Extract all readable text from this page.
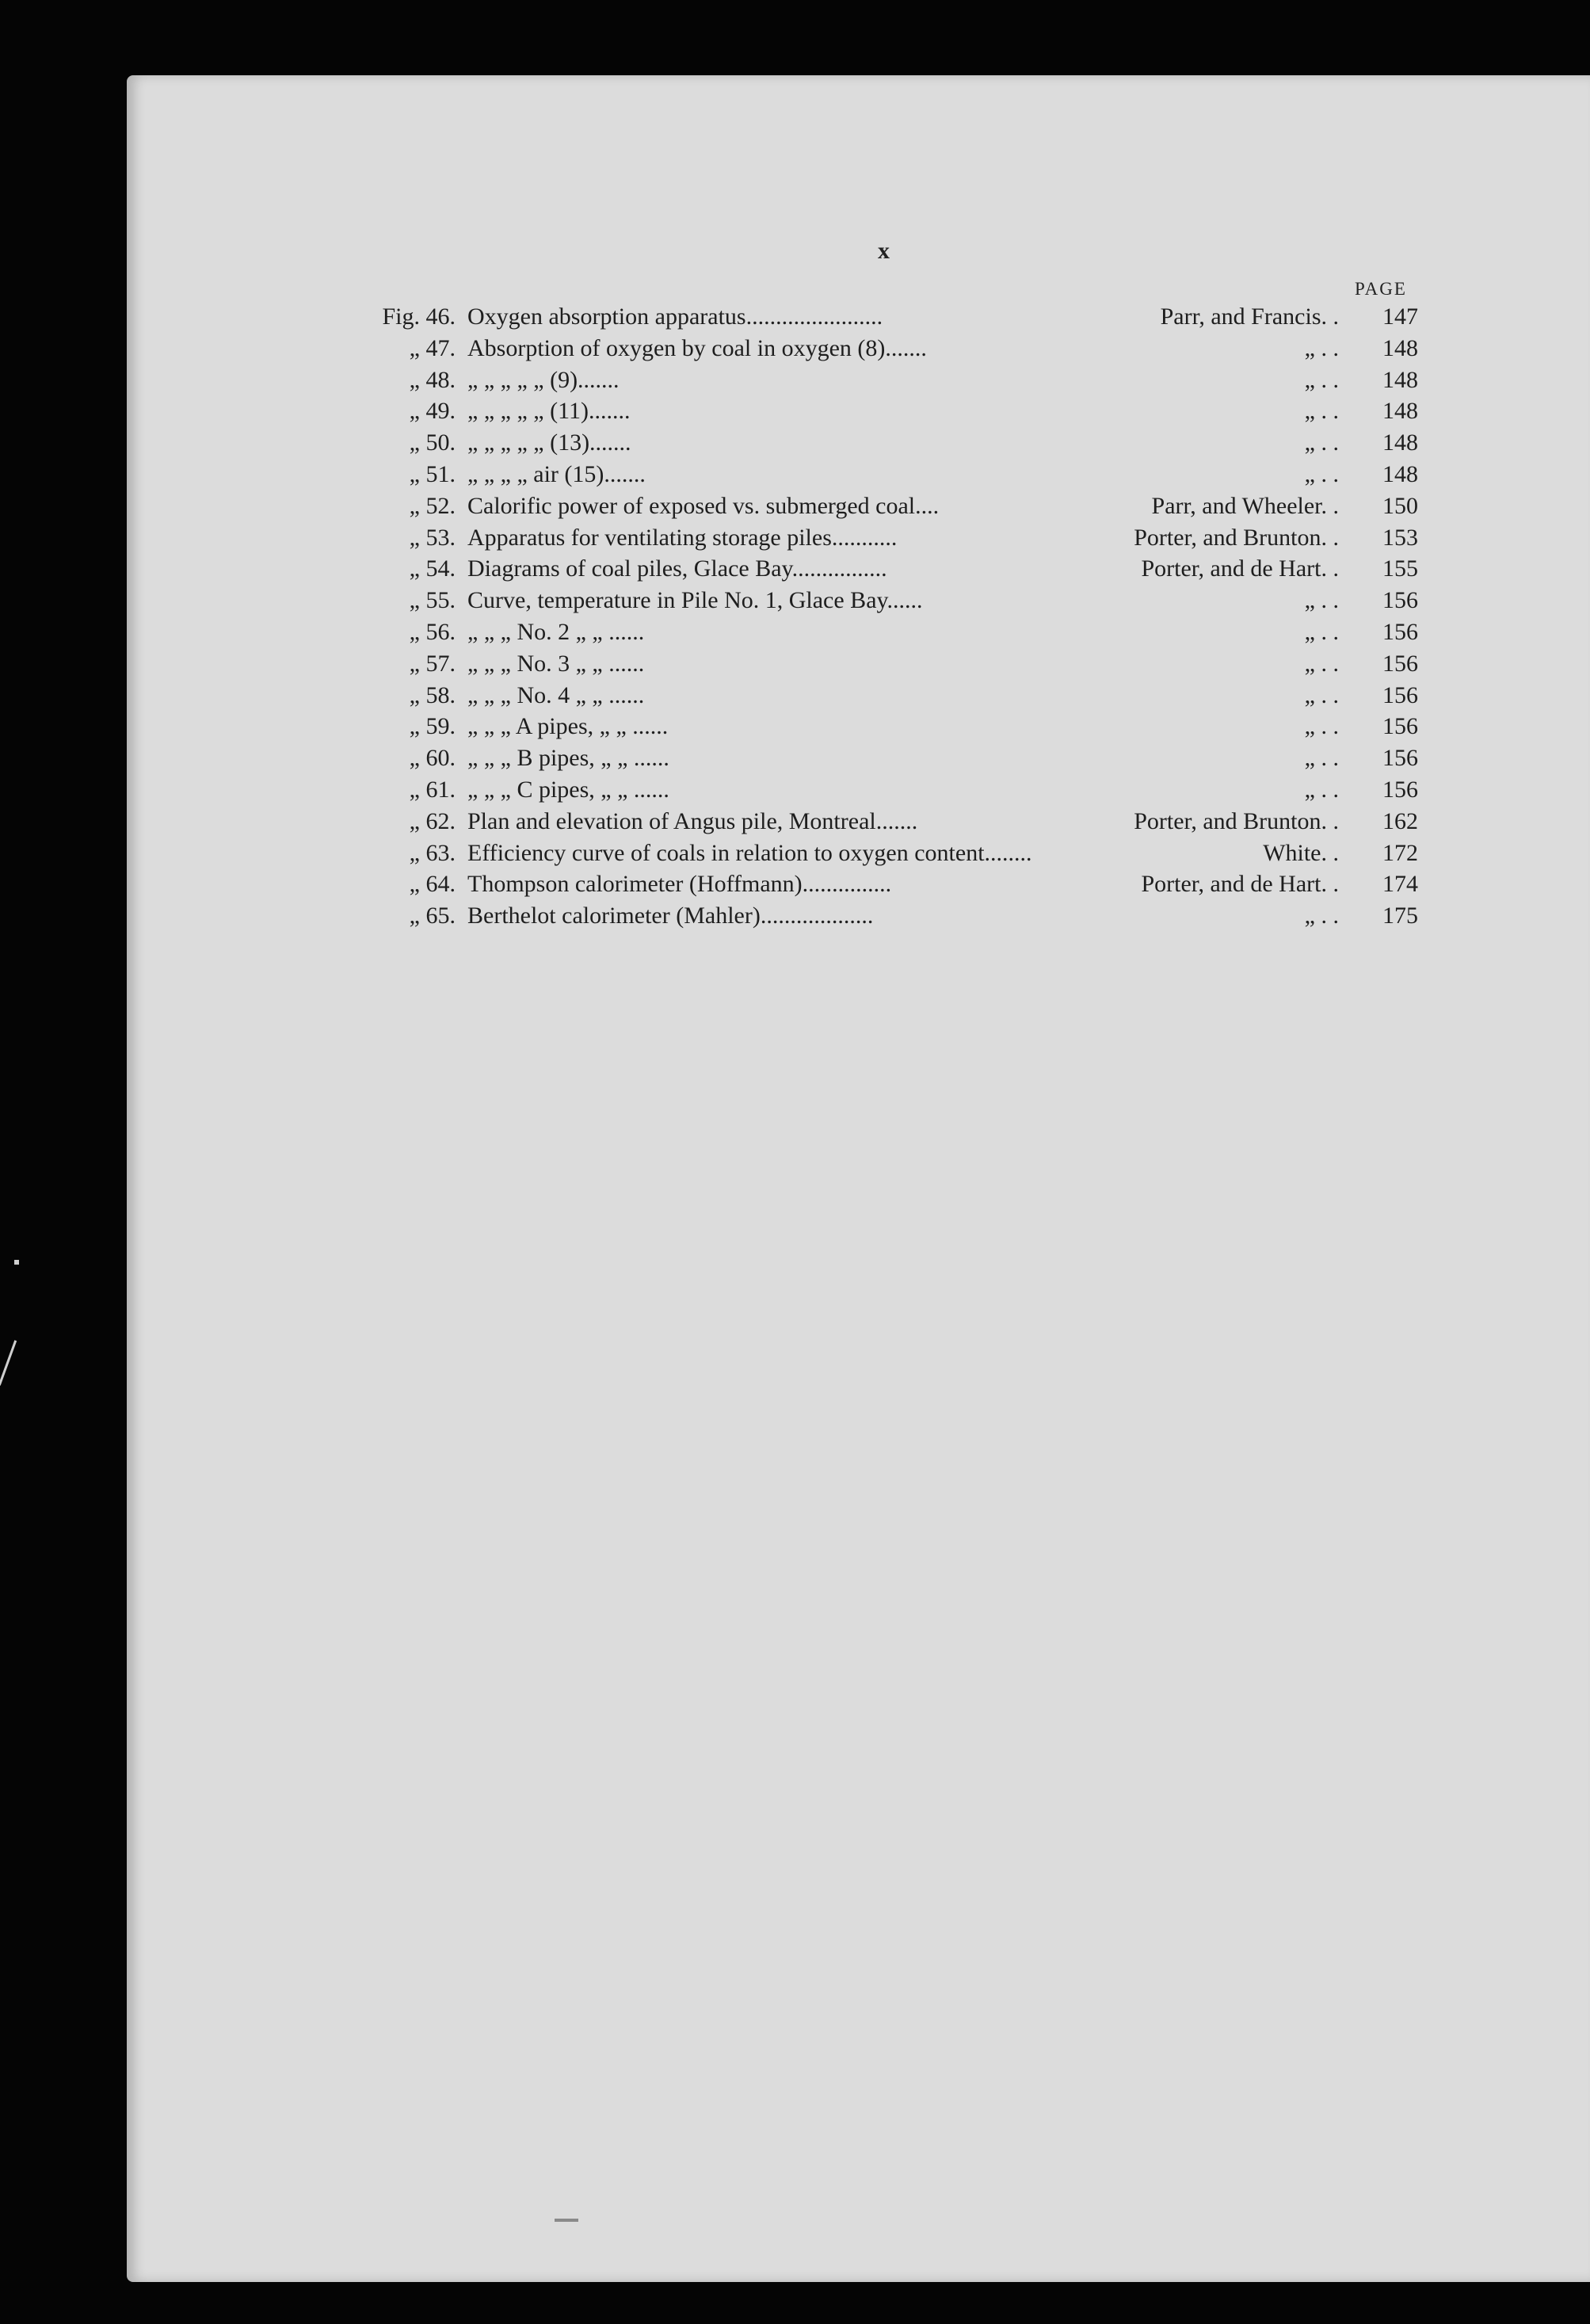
x
PAGE
Fig. 46. Oxygen absorption apparatus.......................	Parr, and Francis. .	147
„ 47. Absorption of oxygen by coal in oxygen (8).......	„ . .	148
„ 48. „ „ „ „ „ (9).......	„ . .	148
„ 49. „ „ „ „ „ (11).......	„ . .	148
„ 50. „ „ „ „ „ (13).......	„ . .	148
„ 51. „ „ „ „ air (15).......	„ . .	148
„ 52. Calorific power of exposed vs. submerged coal....	Parr, and Wheeler. .	150
„ 53. Apparatus for ventilating storage piles...........	Porter, and Brunton. .	153
„ 54. Diagrams of coal piles, Glace Bay................	Porter, and de Hart. .	155
„ 55. Curve, temperature in Pile No. 1, Glace Bay......	„ . .	156
„ 56. „ „ „ No. 2 „ „ ......	„ . .	156
„ 57. „ „ „ No. 3 „ „ ......	„ . .	156
„ 58. „ „ „ No. 4 „ „ ......	„ . .	156
„ 59. „ „ „ A pipes, „ „ ......	„ . .	156
„ 60. „ „ „ B pipes, „ „ ......	„ . .	156
„ 61. „ „ „ C pipes, „ „ ......	„ . .	156
„ 62. Plan and elevation of Angus pile, Montreal.......	Porter, and Brunton. .	162
„ 63. Efficiency curve of coals in relation to oxygen content........	White. .	172
„ 64. Thompson calorimeter (Hoffmann)...............	Porter, and de Hart. .	174
„ 65. Berthelot calorimeter (Mahler)...................	„ . .	175
